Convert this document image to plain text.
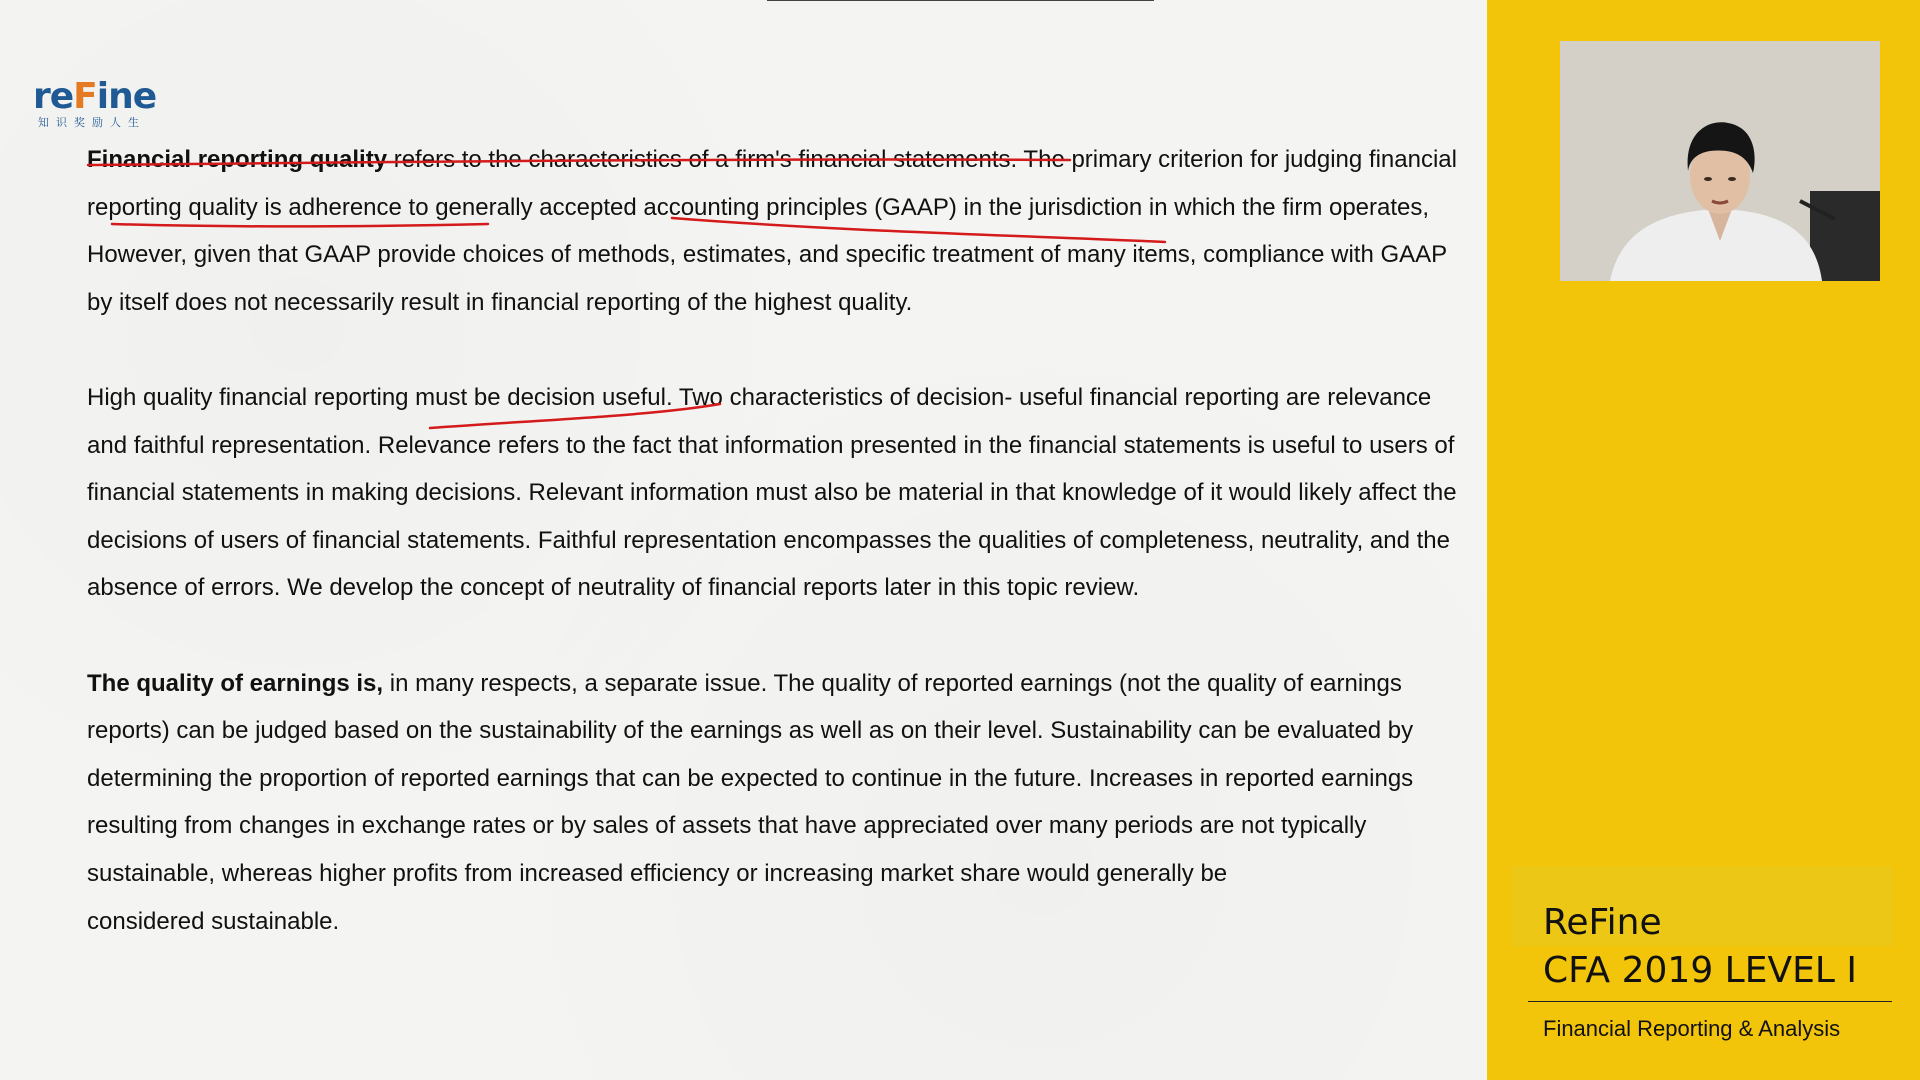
reFine
知识奖励人生

Financial reporting quality refers to the characteristics of a firm's financial statements. The primary criterion for judging financial reporting quality is adherence to generally accepted accounting principles (GAAP) in the jurisdiction in which the firm operates, However, given that GAAP provide choices of methods, estimates, and specific treatment of many items, compliance with GAAP by itself does not necessarily result in financial reporting of the highest quality.

High quality financial reporting must be decision useful. Two characteristics of decision- useful financial reporting are relevance and faithful representation. Relevance refers to the fact that information presented in the financial statements is useful to users of financial statements in making decisions. Relevant information must also be material in that knowledge of it would likely affect the decisions of users of financial statements. Faithful representation encompasses the qualities of completeness, neutrality, and the absence of errors. We develop the concept of neutrality of financial reports later in this topic review.

The quality of earnings is, in many respects, a separate issue. The quality of reported earnings (not the quality of earnings reports) can be judged based on the sustainability of the earnings as well as on their level. Sustainability can be evaluated by determining the proportion of reported earnings that can be expected to continue in the future. Increases in reported earnings resulting from changes in exchange rates or by sales of assets that have appreciated over many periods are not typically sustainable, whereas higher profits from increased efficiency or increasing market share would generally be
considered sustainable.	ReFine
CFA 2019 LEVEL I
Financial Reporting & Analysis
